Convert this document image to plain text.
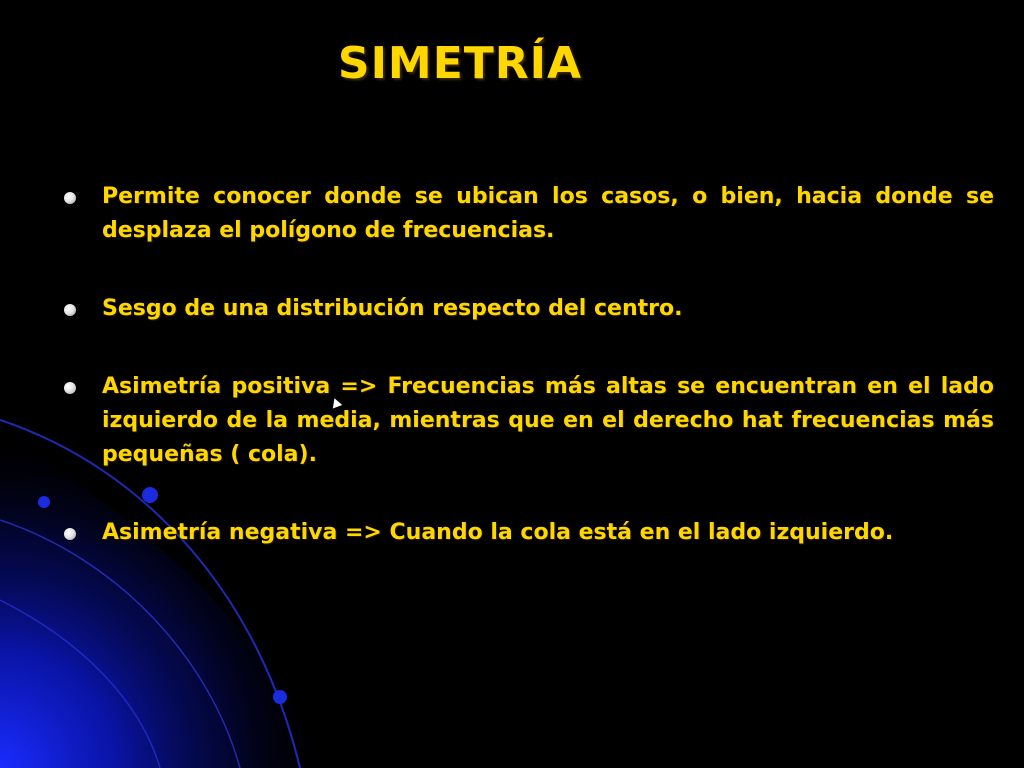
SIMETRÍA
Permite conocer donde se ubican los casos, o bien, hacia donde se desplaza el polígono de frecuencias.
Sesgo de una distribución respecto del centro.
Asimetría positiva => Frecuencias más altas se encuentran en el lado izquierdo de la media, mientras que en el derecho hat frecuencias más pequeñas ( cola).
Asimetría negativa => Cuando la cola está en el lado izquierdo.
